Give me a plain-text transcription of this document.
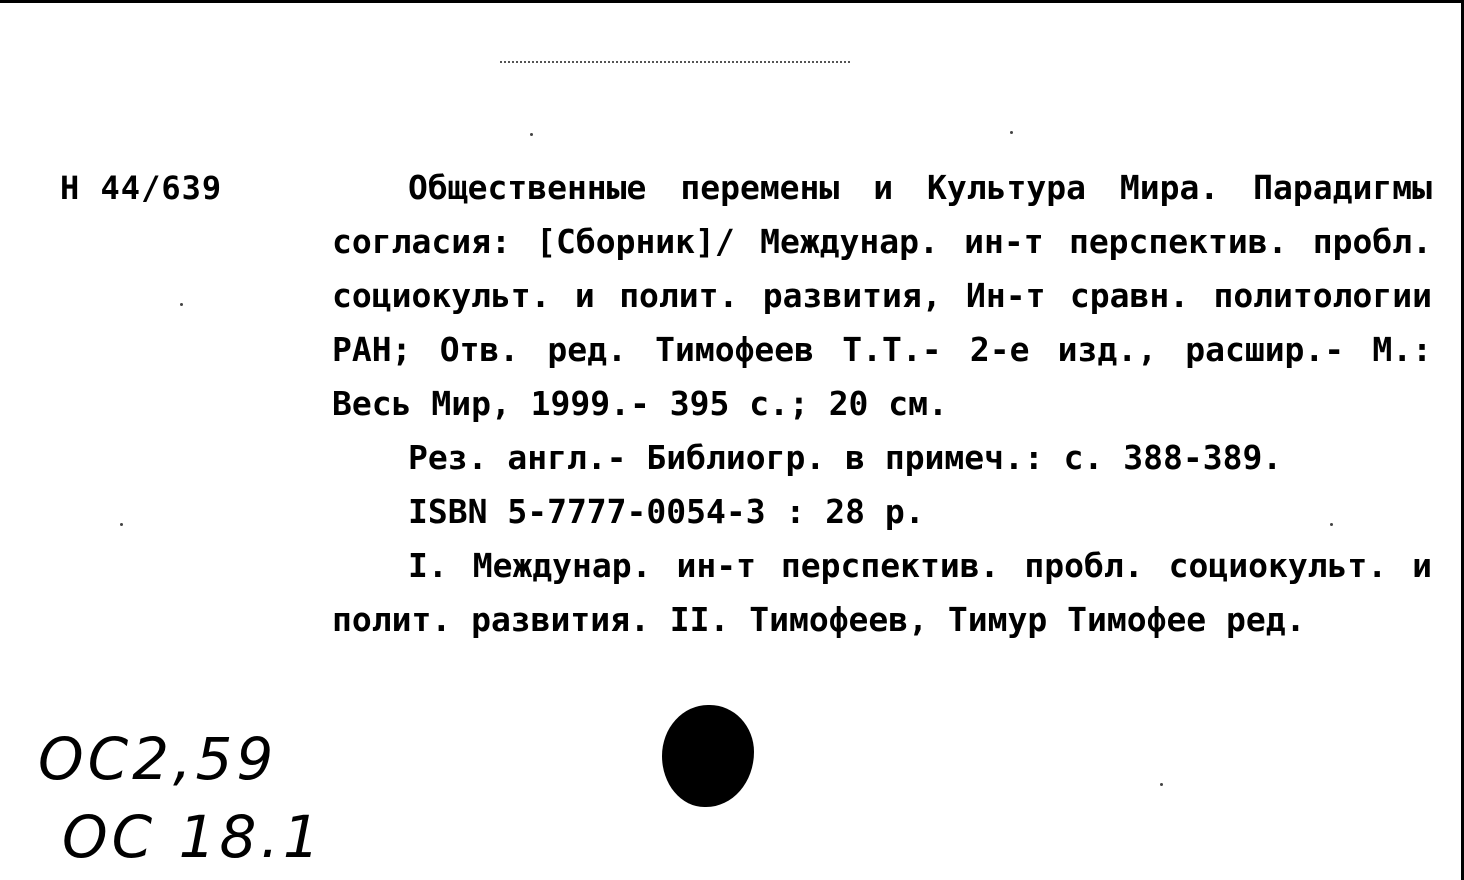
Н 44/639	Общественные перемены и Культура Мира. Парадигмы согласия: [Сборник]/ Междунар. ин-т перспектив. пробл. социокульт. и полит. развития, Ин-т сравн. политологии РАН; Отв. ред. Тимофеев Т.Т.- 2-е изд., расшир.- М.: Весь Мир, 1999.- 395 с.; 20 см.

Рез. англ.- Библиогр. в примеч.: с. 388-389.

ISBN 5-7777-0054-3 : 28 р.

I. Междунар. ин-т перспектив. пробл. социокульт. и полит. развития. II. Тимофеев, Тимур Тимофее ред.

ОС2,59
ОС 18.1
